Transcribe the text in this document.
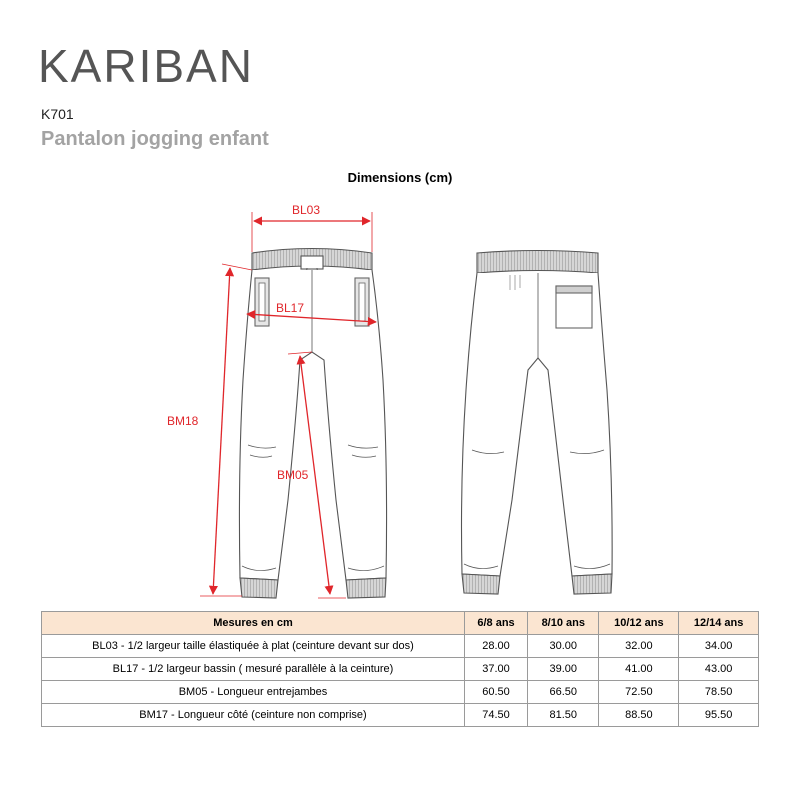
KARIBAN
K701
Pantalon jogging enfant
Dimensions (cm)
BL03
BL17
BM18
BM05
Mesures en cm	6/8 ans	8/10 ans	10/12 ans	12/14 ans
BL03 - 1/2 largeur taille élastiquée à plat (ceinture devant sur dos)	28.00	30.00	32.00	34.00
BL17 - 1/2 largeur bassin ( mesuré parallèle à la ceinture)	37.00	39.00	41.00	43.00
BM05 - Longueur entrejambes	60.50	66.50	72.50	78.50
BM17 - Longueur côté (ceinture non comprise)	74.50	81.50	88.50	95.50
